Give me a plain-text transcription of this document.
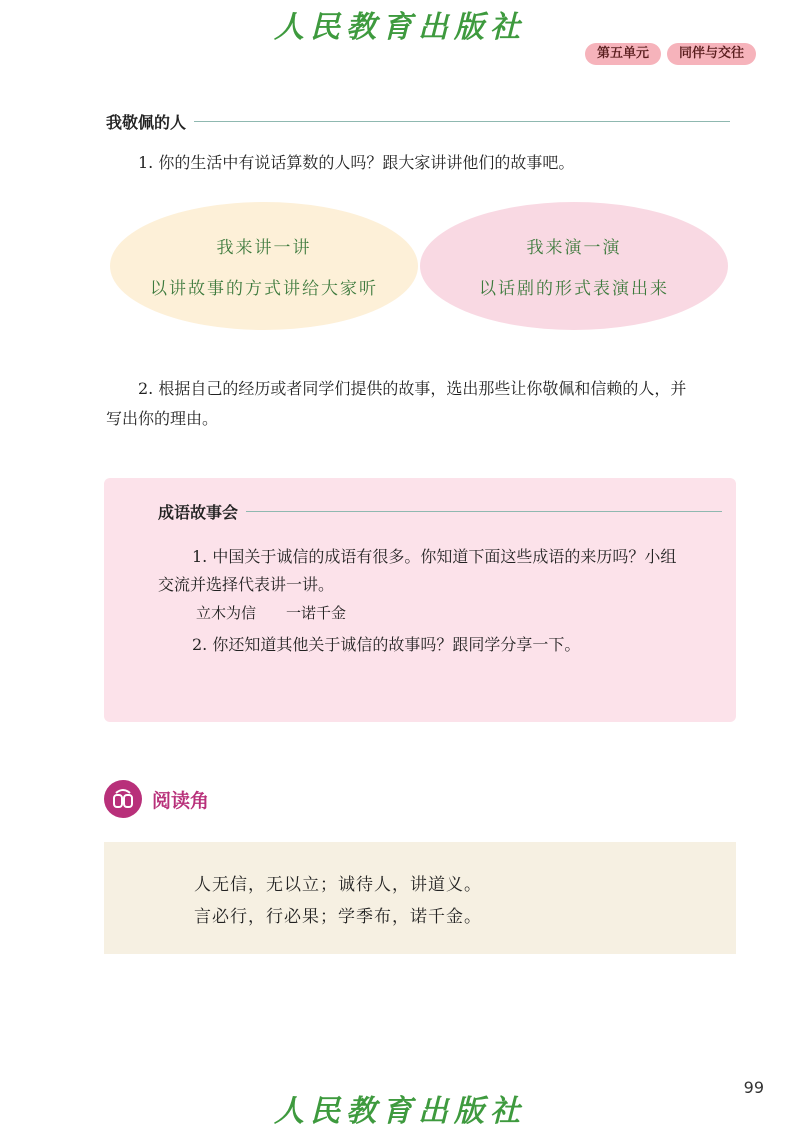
人民教育出版社
第五单元	同伴与交往
我敬佩的人
1. 你的生活中有说话算数的人吗？跟大家讲讲他们的故事吧。
我来讲一讲
以讲故事的方式讲给大家听
我来演一演
以话剧的形式表演出来
2. 根据自己的经历或者同学们提供的故事，选出那些让你敬佩和信赖的人，并
写出你的理由。
成语故事会
1. 中国关于诚信的成语有很多。你知道下面这些成语的来历吗？小组
交流并选择代表讲一讲。
立木为信　　一诺千金
2. 你还知道其他关于诚信的故事吗？跟同学分享一下。
阅读角
人无信，无以立；诚待人，讲道义。
言必行，行必果；学季布，诺千金。
99
人民教育出版社
